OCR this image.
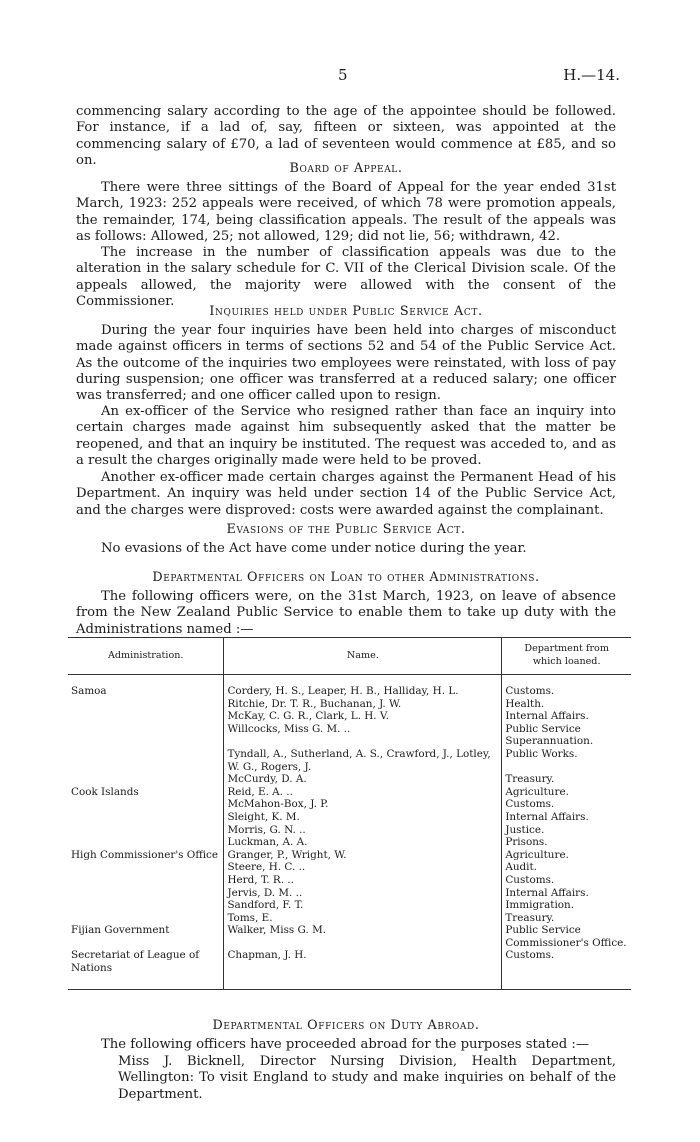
5	H.—14.
commencing salary according to the age of the appointee should be followed. For instance, if a lad of, say, fifteen or sixteen, was appointed at the commencing salary of £70, a lad of seventeen would commence at £85, and so on.
Board of Appeal.
There were three sittings of the Board of Appeal for the year ended 31st March, 1923: 252 appeals were received, of which 78 were promotion appeals, the remainder, 174, being classification appeals. The result of the appeals was as follows: Allowed, 25; not allowed, 129; did not lie, 56; withdrawn, 42.
The increase in the number of classification appeals was due to the alteration in the salary schedule for C. VII of the Clerical Division scale. Of the appeals allowed, the majority were allowed with the consent of the Commissioner.
Inquiries held under Public Service Act.
During the year four inquiries have been held into charges of misconduct made against officers in terms of sections 52 and 54 of the Public Service Act. As the outcome of the inquiries two employees were reinstated, with loss of pay during suspension; one officer was transferred at a reduced salary; one officer was transferred; and one officer called upon to resign.
An ex-officer of the Service who resigned rather than face an inquiry into certain charges made against him subsequently asked that the matter be reopened, and that an inquiry be instituted. The request was acceded to, and as a result the charges originally made were held to be proved.
Another ex-officer made certain charges against the Permanent Head of his Department. An inquiry was held under section 14 of the Public Service Act, and the charges were disproved: costs were awarded against the complainant.
Evasions of the Public Service Act.
No evasions of the Act have come under notice during the year.
Departmental Officers on Loan to other Administrations.
The following officers were, on the 31st March, 1923, on leave of absence from the New Zealand Public Service to enable them to take up duty with the Administrations named :—
Administration.	Name.	Department from
which loaned.

Samoa	Cordery, H. S., Leaper, H. B., Halliday, H. L.	Customs.
	Ritchie, Dr. T. R., Buchanan, J. W.	Health.
	McKay, C. G. R., Clark, L. H. V.	Internal Affairs.
	Willcocks, Miss G. M. ..	Public Service Superannuation.
	Tyndall, A., Sutherland, A. S., Crawford, J., Lotley, W. G., Rogers, J.	Public Works.
	McCurdy, D. A.	Treasury.
Cook Islands	Reid, E. A. ..	Agriculture.
	McMahon-Box, J. P.	Customs.
	Sleight, K. M.	Internal Affairs.
	Morris, G. N. ..	Justice.
	Luckman, A. A.	Prisons.
High Commissioner's Office	Granger, P., Wright, W.	Agriculture.
	Steere, H. C. ..	Audit.
	Herd, T. R. ..	Customs.
	Jervis, D. M. ..	Internal Affairs.
	Sandford, F. T.	Immigration.
	Toms, E.	Treasury.
Fijian Government	Walker, Miss G. M.	Public Service Commissioner's Office.
Secretariat of League of Nations	Chapman, J. H.	Customs.

Departmental Officers on Duty Abroad.
The following officers have proceeded abroad for the purposes stated :—
Miss J. Bicknell, Director Nursing Division, Health Department, Wellington: To visit England to study and make inquiries on behalf of the Department.
